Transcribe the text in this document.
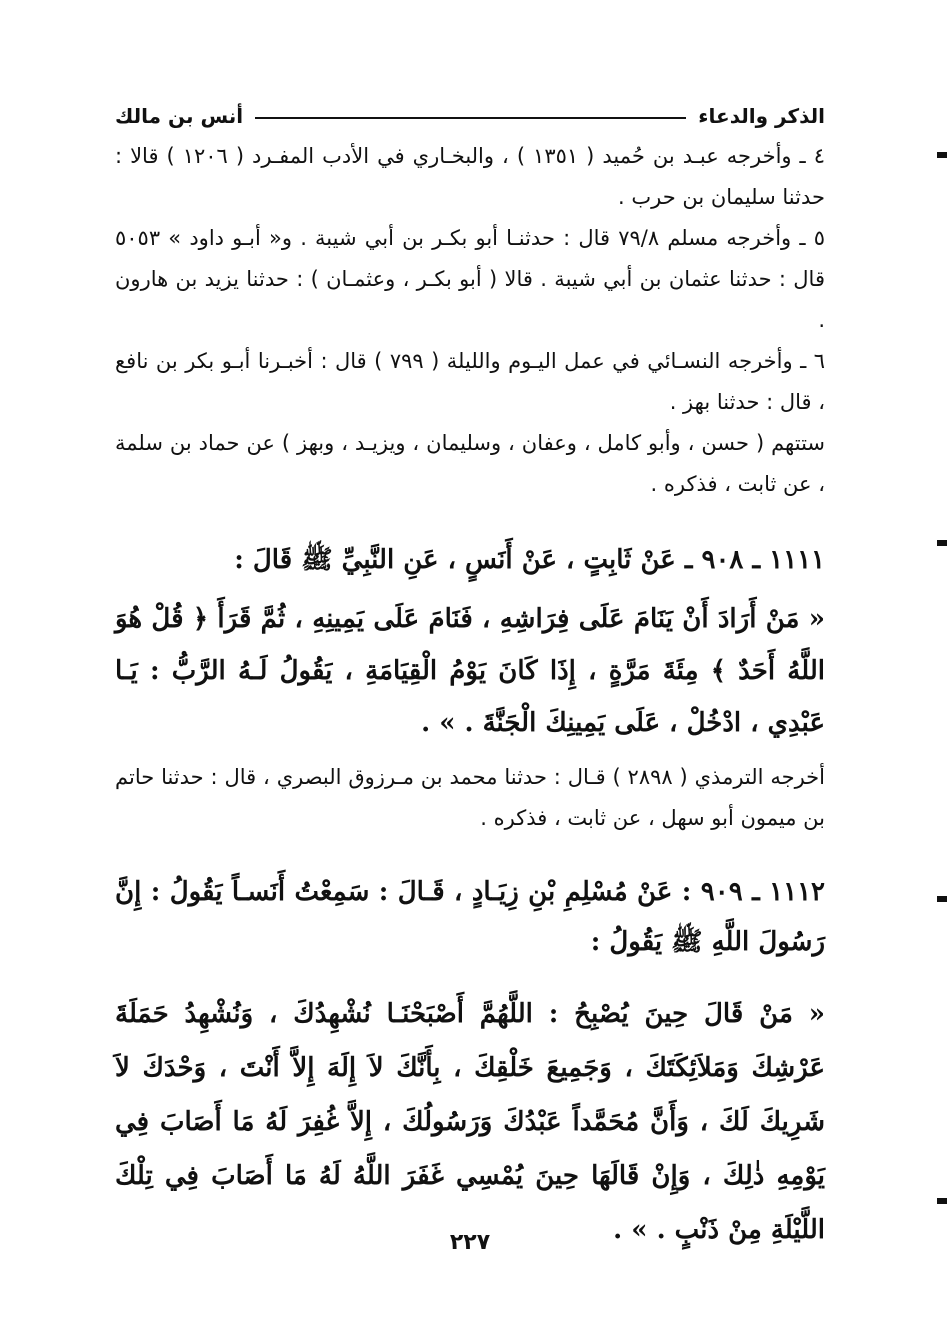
الذكر والدعاء
أنس بن مالك

٤ ـ وأخرجه عبـد بن حُميد ( ١٣٥١ ) ، والبخـاري في الأدب المفـرد ( ١٢٠٦ ) قالا : حدثنا سليمان بن حرب .

٥ ـ وأخرجه مسلم ٧٩/٨ قال : حدثنـا أبو بكـر بن أبي شيبة . و« أبـو داود » ٥٠٥٣ قال : حدثنا عثمان بن أبي شيبة . قالا ( أبو بكـر ، وعثمـان ) : حدثنا يزيد بن هارون .

٦ ـ وأخرجه النسـائي في عمل اليـوم والليلة ( ٧٩٩ ) قال : أخبـرنا أبـو بكر بن نافع ، قال : حدثنا بهز .

ستتهم ( حسن ، وأبو كامل ، وعفان ، وسليمان ، ويزيـد ، وبهز ) عن حماد بن سلمة ، عن ثابت ، فذكره .

١١١١ ـ ٩٠٨ ـ عَنْ ثَابِتٍ ، عَنْ أَنَسٍ ، عَنِ النَّبِيِّ ﷺ قَالَ :
« مَنْ أَرَادَ أَنْ يَنَامَ عَلَى فِرَاشِهِ ، فَنَامَ عَلَى يَمِينِهِ ، ثُمَّ قَرَأَ ﴿ قُلْ هُوَ اللَّهُ أَحَدٌ ﴾ مِئَةَ مَرَّةٍ ، إِذَا كَانَ يَوْمُ الْقِيَامَةِ ، يَقُولُ لَـهُ الرَّبُّ : يَـا عَبْدِي ، ادْخُلْ ، عَلَى يَمِينِكَ الْجَنَّةَ . » .
أخرجه الترمذي ( ٢٨٩٨ ) قـال : حدثنا محمد بن مـرزوق البصري ، قال : حدثنا حاتم بن ميمون أبو سهل ، عن ثابت ، فذكره .
١١١٢ ـ ٩٠٩ : عَنْ مُسْلِمِ بْنِ زِيَـادٍ ، قَـالَ : سَمِعْتُ أَنَسـاً يَقُولُ : إِنَّ رَسُولَ اللَّهِ ﷺ يَقُولُ :
« مَنْ قَالَ حِينَ يُصْبِحُ : اللَّهُمَّ أَصْبَحْنَـا نُشْهِدُكَ ، وَنُشْهِدُ حَمَلَةَ عَرْشِكَ وَمَلاَئِكَتَكَ ، وَجَمِيعَ خَلْقِكَ ، بِأَنَّكَ لاَ إِلَهَ إِلاَّ أَنْتَ ، وَحْدَكَ لاَ شَرِيكَ لَكَ ، وَأَنَّ مُحَمَّداً عَبْدُكَ وَرَسُولُكَ ، إِلاَّ غُفِرَ لَهُ مَا أَصَابَ فِي يَوْمِهِ ذٰلِكَ ، وَإِنْ قَالَهَا حِينَ يُمْسِي غَفَرَ اللَّهُ لَهُ مَا أَصَابَ فِي تِلْكَ اللَّيْلَةِ مِنْ ذَنْبٍ . » .
٢٢٧
